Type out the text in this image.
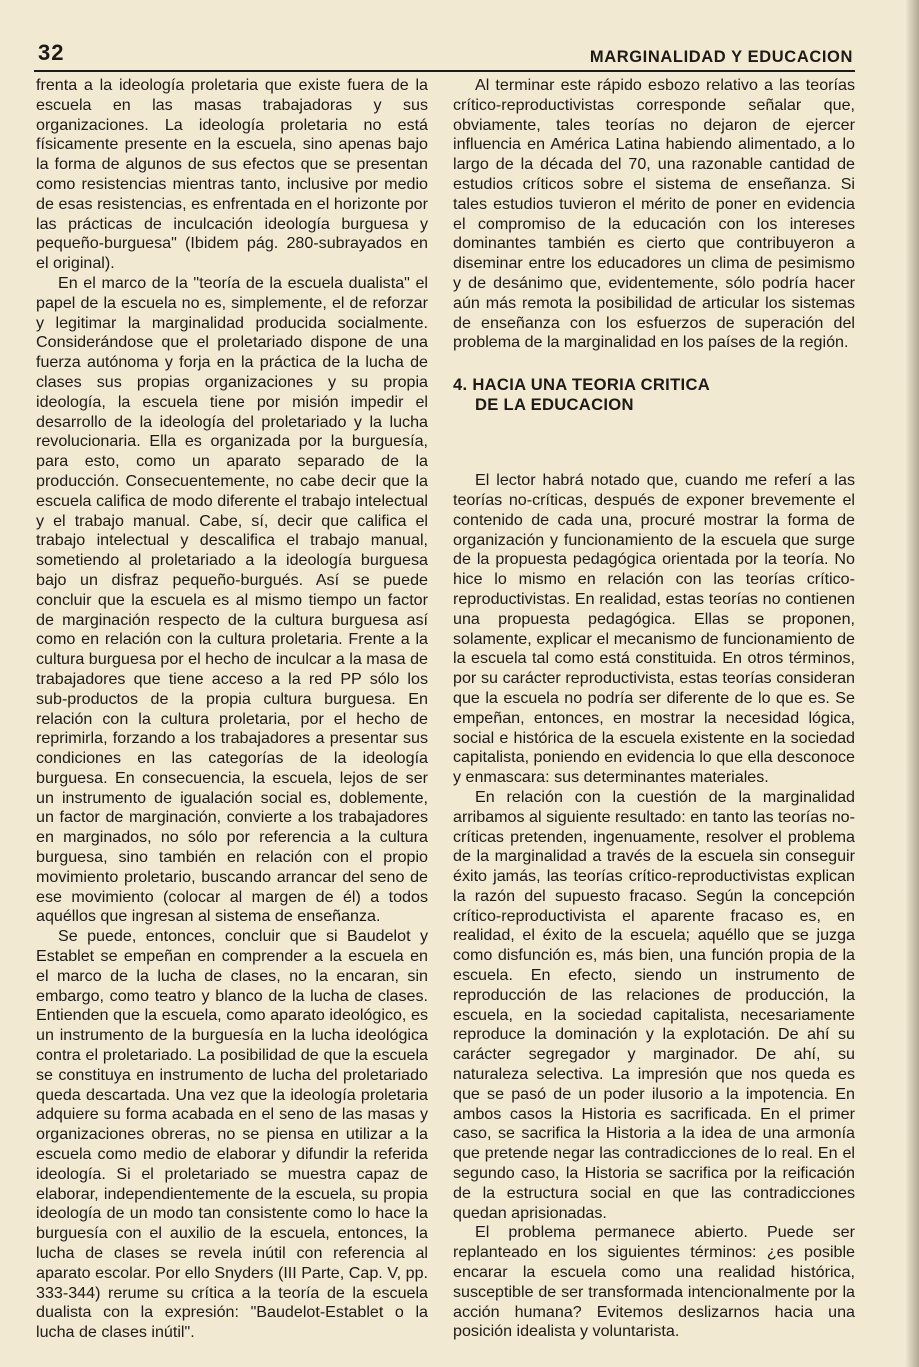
32	MARGINALIDAD Y EDUCACION

frenta a la ideología proletaria que existe fuera de la escuela en las masas trabajadoras y sus organizaciones. La ideología proletaria no está físicamente presente en la escuela, sino apenas bajo la forma de algunos de sus efectos que se presentan como resistencias mientras tanto, inclusive por medio de esas resistencias, es enfrentada en el horizonte por las prácticas de inculcación ideología burguesa y pequeño-burguesa" (Ibidem pág. 280-subrayados en el original).

En el marco de la "teoría de la escuela dualista" el papel de la escuela no es, simplemente, el de reforzar y legitimar la marginalidad producida socialmente. Considerándose que el proletariado dispone de una fuerza autónoma y forja en la práctica de la lucha de clases sus propias organizaciones y su propia ideología, la escuela tiene por misión impedir el desarrollo de la ideología del proletariado y la lucha revolucionaria. Ella es organizada por la burguesía, para esto, como un aparato separado de la producción. Consecuentemente, no cabe decir que la escuela califica de modo diferente el trabajo intelectual y el trabajo manual. Cabe, sí, decir que califica el trabajo intelectual y descalifica el trabajo manual, sometiendo al proletariado a la ideología burguesa bajo un disfraz pequeño-burgués. Así se puede concluir que la escuela es al mismo tiempo un factor de marginación respecto de la cultura burguesa así como en relación con la cultura proletaria. Frente a la cultura burguesa por el hecho de inculcar a la masa de trabajadores que tiene acceso a la red PP sólo los sub-productos de la propia cultura burguesa. En relación con la cultura proletaria, por el hecho de reprimirla, forzando a los trabajadores a presentar sus condiciones en las categorías de la ideología burguesa. En consecuencia, la escuela, lejos de ser un instrumento de igualación social es, doblemente, un factor de marginación, convierte a los trabajadores en marginados, no sólo por referencia a la cultura burguesa, sino también en relación con el propio movimiento proletario, buscando arrancar del seno de ese movimiento (colocar al margen de él) a todos aquéllos que ingresan al sistema de enseñanza.

Se puede, entonces, concluir que si Baudelot y Establet se empeñan en comprender a la escuela en el marco de la lucha de clases, no la encaran, sin embargo, como teatro y blanco de la lucha de clases. Entienden que la escuela, como aparato ideológico, es un instrumento de la burguesía en la lucha ideológica contra el proletariado. La posibilidad de que la escuela se constituya en instrumento de lucha del proletariado queda descartada. Una vez que la ideología proletaria adquiere su forma acabada en el seno de las masas y organizaciones obreras, no se piensa en utilizar a la escuela como medio de elaborar y difundir la referida ideología. Si el proletariado se muestra capaz de elaborar, independientemente de la escuela, su propia ideología de un modo tan consistente como lo hace la burguesía con el auxilio de la escuela, entonces, la lucha de clases se revela inútil con referencia al aparato escolar. Por ello Snyders (III Parte, Cap. V, pp. 333-344) rerume su crítica a la teoría de la escuela dualista con la expresión: "Baudelot-Establet o la lucha de clases inútil".

Al terminar este rápido esbozo relativo a las teorías crítico-reproductivistas corresponde señalar que, obviamente, tales teorías no dejaron de ejercer influencia en América Latina habiendo alimentado, a lo largo de la década del 70, una razonable cantidad de estudios críticos sobre el sistema de enseñanza. Si tales estudios tuvieron el mérito de poner en evidencia el compromiso de la educación con los intereses dominantes también es cierto que contribuyeron a diseminar entre los educadores un clima de pesimismo y de desánimo que, evidentemente, sólo podría hacer aún más remota la posibilidad de articular los sistemas de enseñanza con los esfuerzos de superación del problema de la marginalidad en los países de la región.

4. HACIA UNA TEORIA CRITICA
DE LA EDUCACION

El lector habrá notado que, cuando me referí a las teorías no-críticas, después de exponer brevemente el contenido de cada una, procuré mostrar la forma de organización y funcionamiento de la escuela que surge de la propuesta pedagógica orientada por la teoría. No hice lo mismo en relación con las teorías crítico-reproductivistas. En realidad, estas teorías no contienen una propuesta pedagógica. Ellas se proponen, solamente, explicar el mecanismo de funcionamiento de la escuela tal como está constituida. En otros términos, por su carácter reproductivista, estas teorías consideran que la escuela no podría ser diferente de lo que es. Se empeñan, entonces, en mostrar la necesidad lógica, social e histórica de la escuela existente en la sociedad capitalista, poniendo en evidencia lo que ella desconoce y enmascara: sus determinantes materiales.

En relación con la cuestión de la marginalidad arribamos al siguiente resultado: en tanto las teorías no-críticas pretenden, ingenuamente, resolver el problema de la marginalidad a través de la escuela sin conseguir éxito jamás, las teorías crítico-reproductivistas explican la razón del supuesto fracaso. Según la concepción crítico-reproductivista el aparente fracaso es, en realidad, el éxito de la escuela; aquéllo que se juzga como disfunción es, más bien, una función propia de la escuela. En efecto, siendo un instrumento de reproducción de las relaciones de producción, la escuela, en la sociedad capitalista, necesariamente reproduce la dominación y la explotación. De ahí su carácter segregador y marginador. De ahí, su naturaleza selectiva. La impresión que nos queda es que se pasó de un poder ilusorio a la impotencia. En ambos casos la Historia es sacrificada. En el primer caso, se sacrifica la Historia a la idea de una armonía que pretende negar las contradicciones de lo real. En el segundo caso, la Historia se sacrifica por la reificación de la estructura social en que las contradicciones quedan aprisionadas.

El problema permanece abierto. Puede ser replanteado en los siguientes términos: ¿es posible encarar la escuela como una realidad histórica, susceptible de ser transformada intencionalmente por la acción humana? Evitemos deslizarnos hacia una posición idealista y voluntarista.
